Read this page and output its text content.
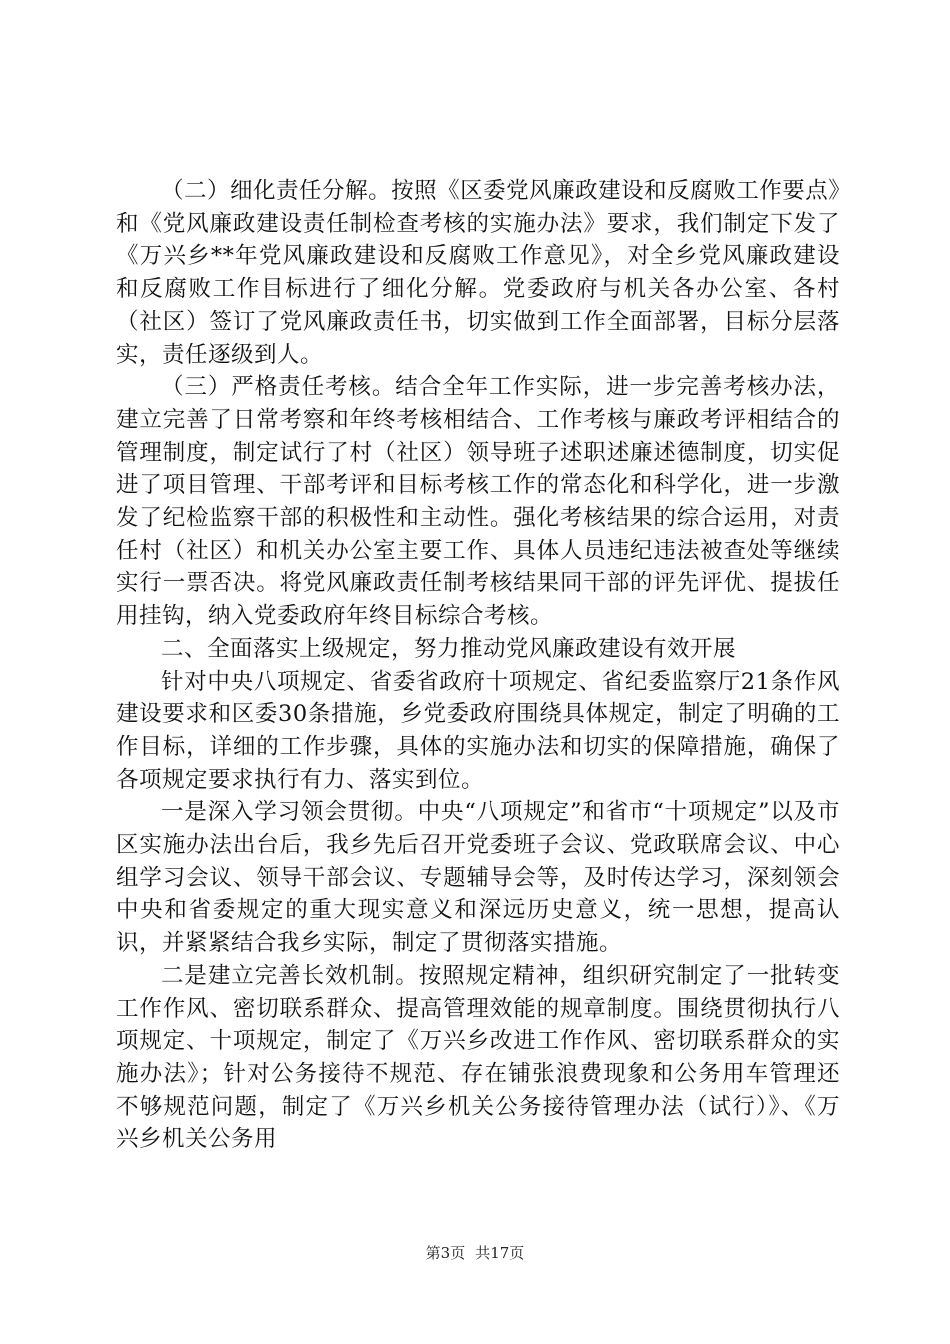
（二）细化责任分解。按照《区委党风廉政建设和反腐败工作要点》和《党风廉政建设责任制检查考核的实施办法》要求，我们制定下发了《万兴乡**年党风廉政建设和反腐败工作意见》，对全乡党风廉政建设和反腐败工作目标进行了细化分解。党委政府与机关各办公室、各村（社区）签订了党风廉政责任书，切实做到工作全面部署，目标分层落实，责任逐级到人。

（三）严格责任考核。结合全年工作实际，进一步完善考核办法，建立完善了日常考察和年终考核相结合、工作考核与廉政考评相结合的管理制度，制定试行了村（社区）领导班子述职述廉述德制度，切实促进了项目管理、干部考评和目标考核工作的常态化和科学化，进一步激发了纪检监察干部的积极性和主动性。强化考核结果的综合运用，对责任村（社区）和机关办公室主要工作、具体人员违纪违法被查处等继续实行一票否决。将党风廉政责任制考核结果同干部的评先评优、提拔任用挂钩，纳入党委政府年终目标综合考核。

二、全面落实上级规定，努力推动党风廉政建设有效开展

针对中央八项规定、省委省政府十项规定、省纪委监察厅21条作风建设要求和区委30条措施，乡党委政府围绕具体规定，制定了明确的工作目标，详细的工作步骤，具体的实施办法和切实的保障措施，确保了各项规定要求执行有力、落实到位。

一是深入学习领会贯彻。中央“八项规定”和省市“十项规定”以及市区实施办法出台后，我乡先后召开党委班子会议、党政联席会议、中心组学习会议、领导干部会议、专题辅导会等，及时传达学习，深刻领会中央和省委规定的重大现实意义和深远历史意义，统一思想，提高认识，并紧紧结合我乡实际，制定了贯彻落实措施。

二是建立完善长效机制。按照规定精神，组织研究制定了一批转变工作作风、密切联系群众、提高管理效能的规章制度。围绕贯彻执行八项规定、十项规定，制定了《万兴乡改进工作作风、密切联系群众的实施办法》；针对公务接待不规范、存在铺张浪费现象和公务用车管理还不够规范问题，制定了《万兴乡机关公务接待管理办法（试行）》、《万兴乡机关公务用

第3页 共17页
